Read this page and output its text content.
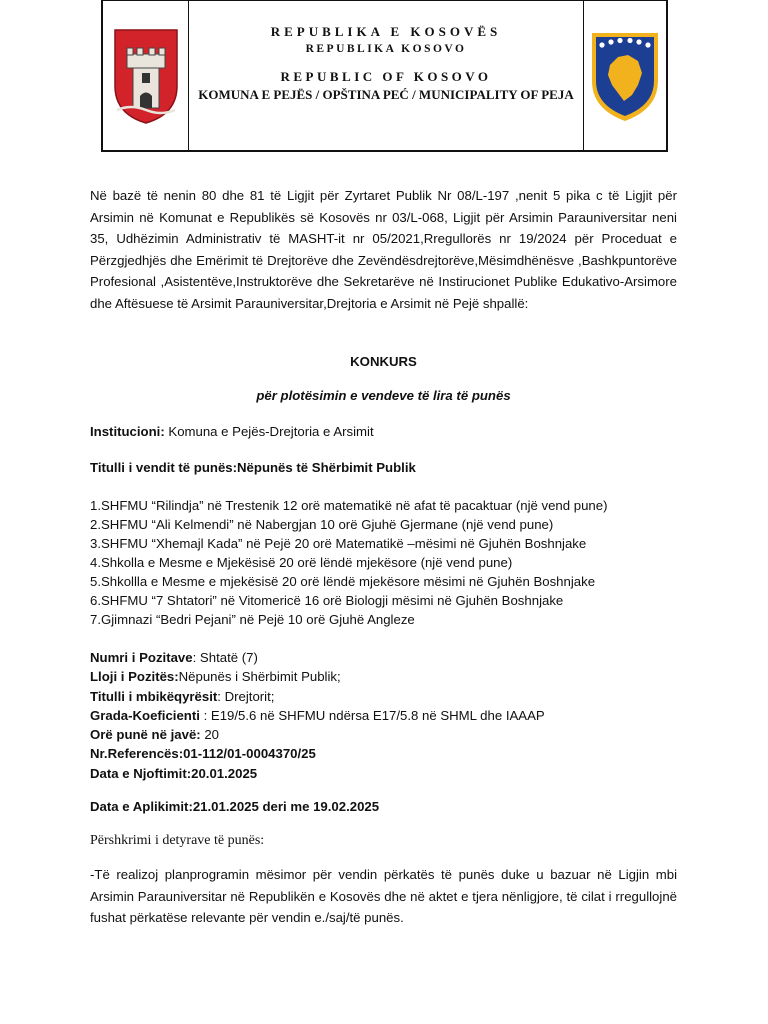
REPUBLIKA E KOSOVËS
REPUBLIKA KOSOVO
REPUBLIC OF KOSOVO
KOMUNA E PEJËS / OPŠTINA PEĆ / MUNICIPALITY OF PEJA

Në bazë të nenin 80 dhe 81 të Ligjit për Zyrtaret Publik Nr 08/L-197 ,nenit 5 pika c të Ligjit për Arsimin në Komunat e Republikës së Kosovës nr 03/L-068, Ligjit për Arsimin Parauniversitar neni 35, Udhëzimin Administrativ të MASHT-it nr 05/2021,Rregullorës nr 19/2024 për Proceduat e Përzgjedhjës dhe Emërimit të Drejtorëve dhe Zevëndësdrejtorëve,Mësimdhënësve ,Bashkpuntorëve Profesional ,Asistentëve,Instruktorëve dhe Sekretarëve në Instirucionet Publike Edukativo-Arsimore dhe Aftësuese të Arsimit Parauniversitar,Drejtoria e Arsimit në Pejë shpallë:

KONKURS

për plotësimin e vendeve të lira të punës

Institucioni: Komuna e Pejës-Drejtoria e Arsimit

Titulli i vendit të punës:Nëpunës të Shërbimit Publik

1.SHFMU “Rilindja” në Trestenik 12 orë matematikë në afat të pacaktuar (një vend pune)

2.SHFMU “Ali Kelmendi” në Nabergjan 10 orë Gjuhë Gjermane (një vend pune)

3.SHFMU “Xhemajl Kada” në Pejë 20 orë Matematikë –mësimi në Gjuhën Boshnjake

4.Shkolla e Mesme e Mjekësisë 20 orë lëndë mjekësore (një vend pune)

5.Shkollla e Mesme e mjekësisë 20 orë lëndë mjekësore mësimi në Gjuhën Boshnjake

6.SHFMU “7 Shtatori” në Vitomericë 16 orë Biologji mësimi në Gjuhën Boshnjake

7.Gjimnazi “Bedri Pejani” në Pejë 10 orë Gjuhë Angleze

Numri i Pozitave: Shtatë (7)

Lloji i Pozitës:Nëpunës i Shërbimit Publik;

Titulli i mbikëqyrësit: Drejtorit;

Grada-Koeficienti : E19/5.6 në SHFMU ndërsa E17/5.8 në SHML dhe IAAAP

Orë punë në javë: 20

Nr.Referencës:01-112/01-0004370/25

Data e Njoftimit:20.01.2025

Data e Aplikimit:21.01.2025 deri me 19.02.2025

Përshkrimi i detyrave të punës:

-Të realizoj planprogramin mësimor për vendin përkatës të punës duke u bazuar në Ligjin mbi Arsimin Parauniversitar në Republikën e Kosovës dhe në aktet e tjera nënligjore, të cilat i rregullojnë fushat përkatëse relevante për vendin e./saj/të punës.
